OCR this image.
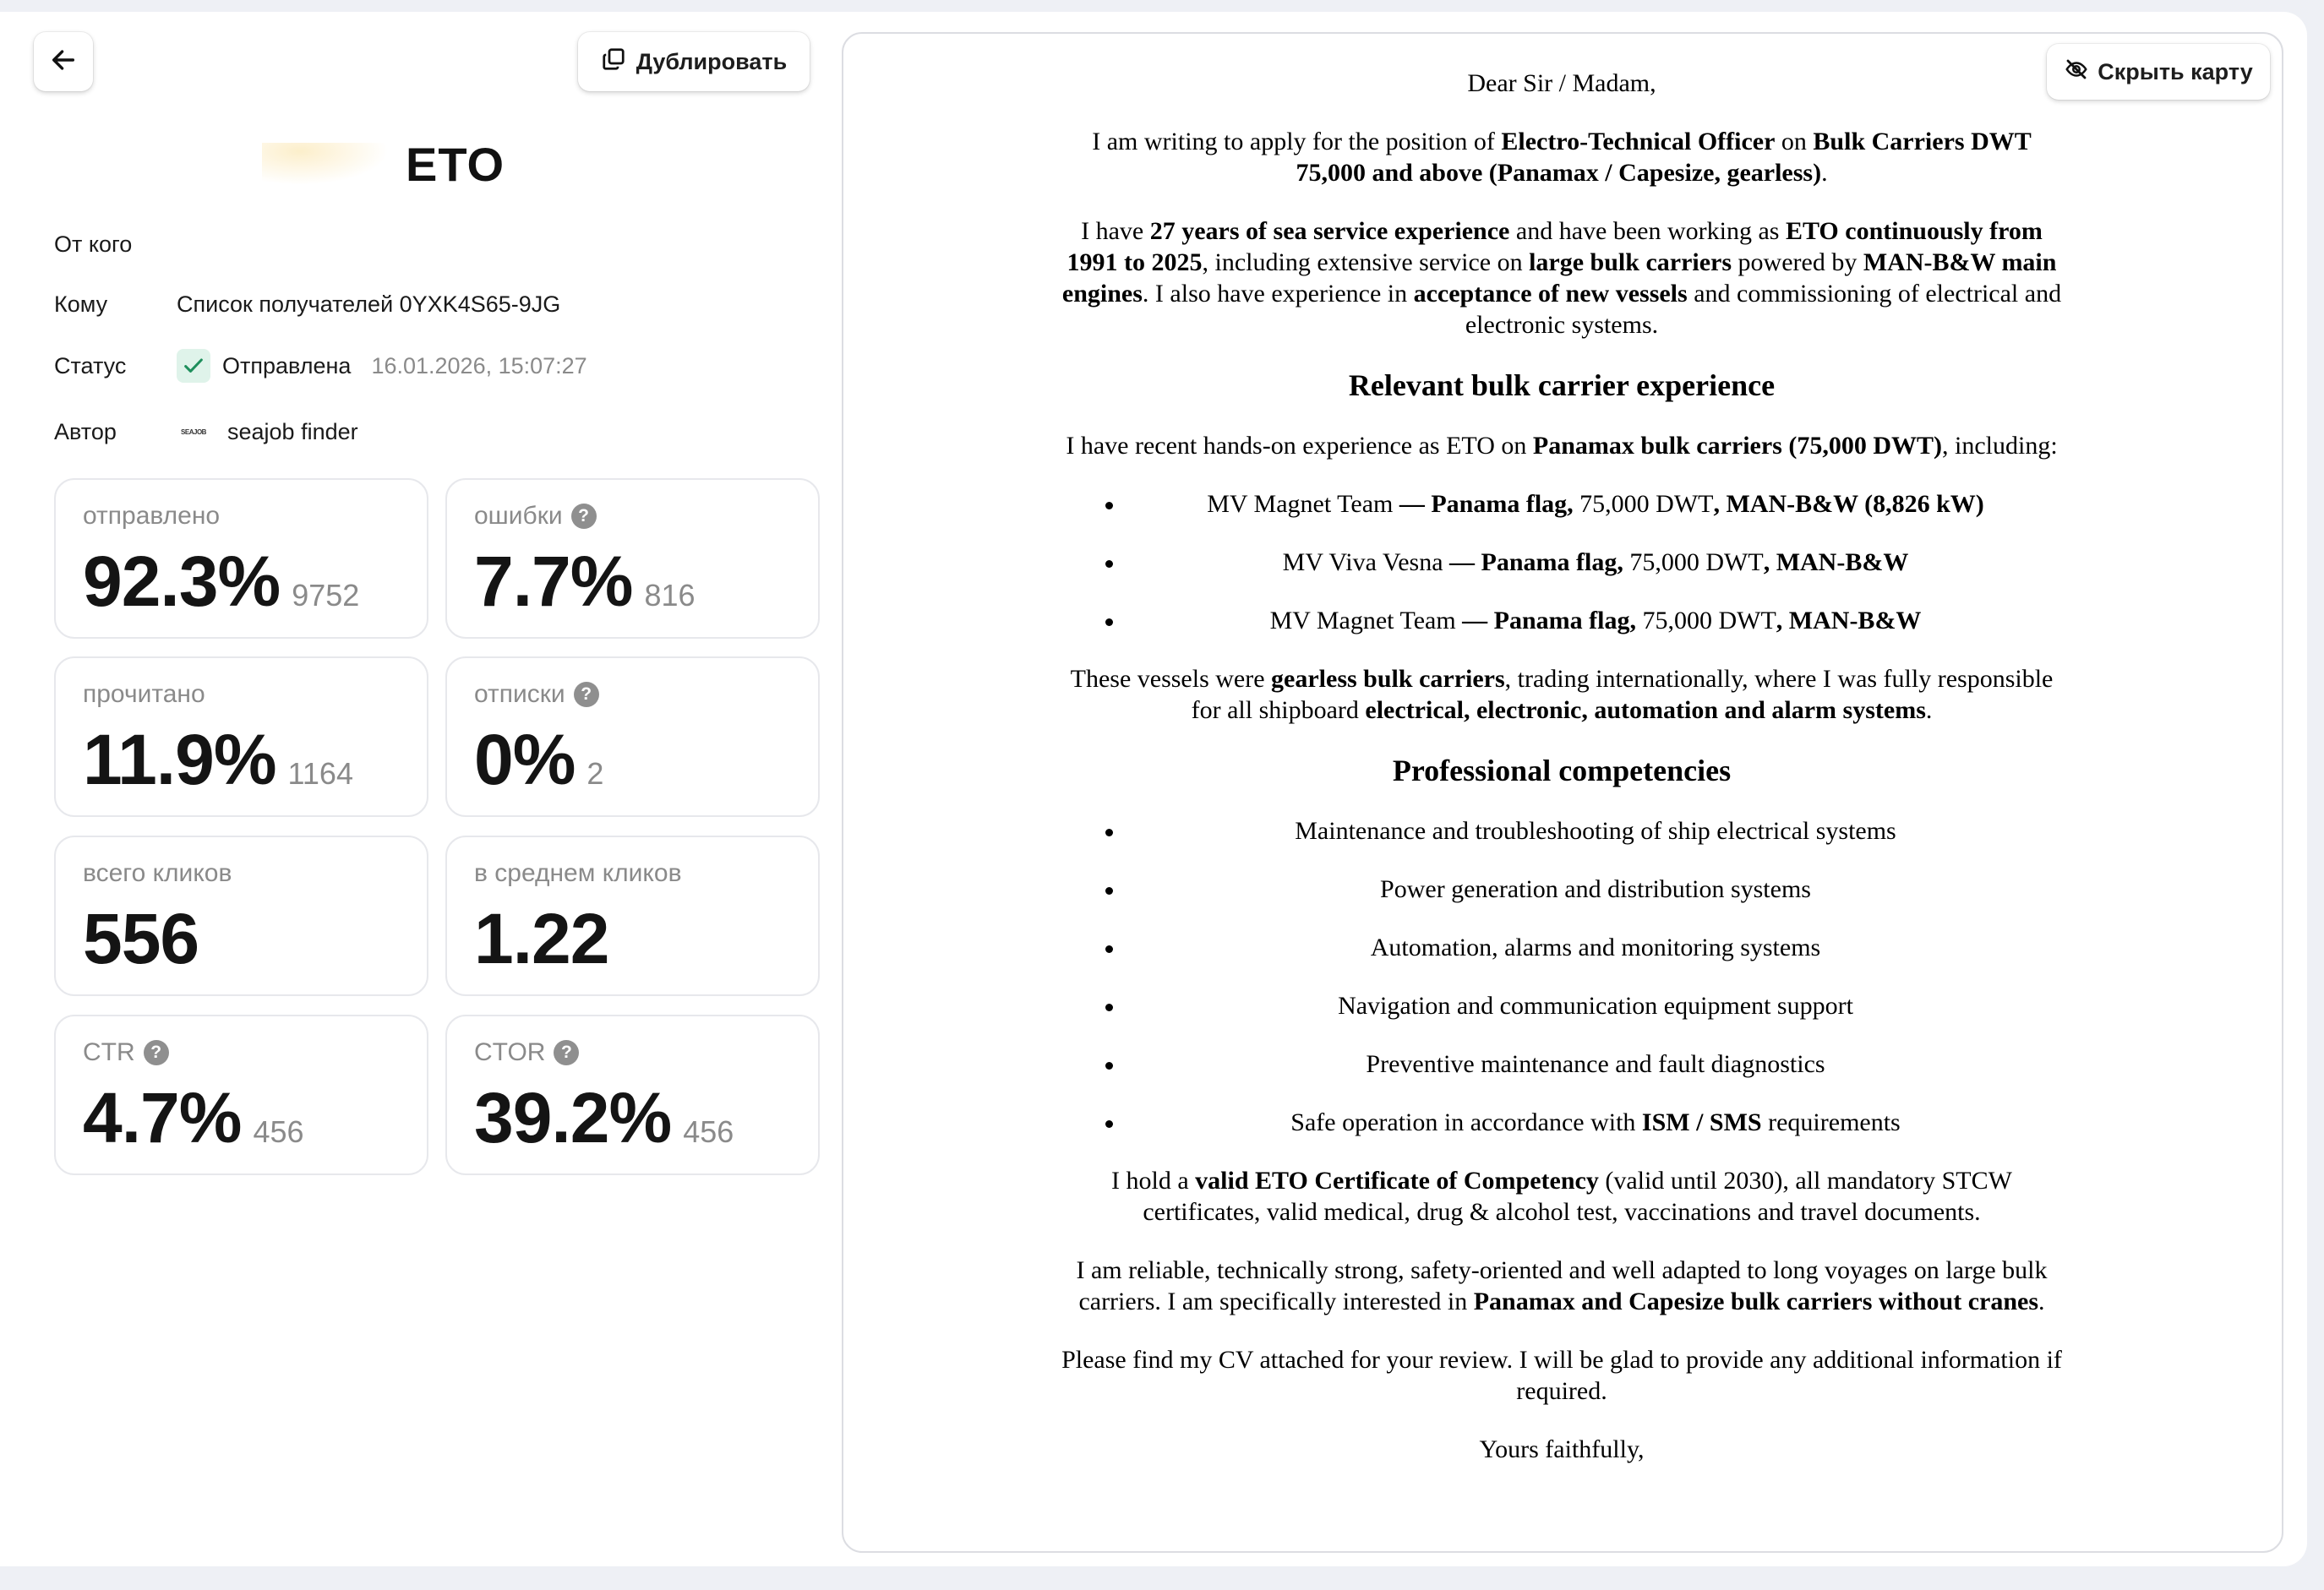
Дублировать
ETO
От кого
Кому	Список получателей 0YXK4S65-9JG
Статус	Отправлена 16.01.2026, 15:07:27
Автор	SEAJOB seajob finder
отправлено
92.3% 9752
ошибки ?
7.7% 816
прочитано
11.9% 1164
отписки ?
0% 2
всего кликов
556
в среднем кликов
1.22
CTR ?
4.7% 456
CTOR ?
39.2% 456
Скрыть карту

Dear Sir / Madam,

I am writing to apply for the position of Electro-Technical Officer on Bulk Carriers DWT 75,000 and above (Panamax / Capesize, gearless).

I have 27 years of sea service experience and have been working as ETO continuously from 1991 to 2025, including extensive service on large bulk carriers powered by MAN-B&W main engines. I also have experience in acceptance of new vessels and commissioning of electrical and electronic systems.

Relevant bulk carrier experience

I have recent hands-on experience as ETO on Panamax bulk carriers (75,000 DWT), including:

MV Magnet Team — Panama flag, 75,000 DWT, MAN-B&W (8,826 kW)
MV Viva Vesna — Panama flag, 75,000 DWT, MAN-B&W
MV Magnet Team — Panama flag, 75,000 DWT, MAN-B&W

These vessels were gearless bulk carriers, trading internationally, where I was fully responsible for all shipboard electrical, electronic, automation and alarm systems.

Professional competencies
Maintenance and troubleshooting of ship electrical systems
Power generation and distribution systems
Automation, alarms and monitoring systems
Navigation and communication equipment support
Preventive maintenance and fault diagnostics
Safe operation in accordance with ISM / SMS requirements

I hold a valid ETO Certificate of Competency (valid until 2030), all mandatory STCW certificates, valid medical, drug & alcohol test, vaccinations and travel documents.

I am reliable, technically strong, safety-oriented and well adapted to long voyages on large bulk carriers. I am specifically interested in Panamax and Capesize bulk carriers without cranes.

Please find my CV attached for your review. I will be glad to provide any additional information if required.

Yours faithfully,
